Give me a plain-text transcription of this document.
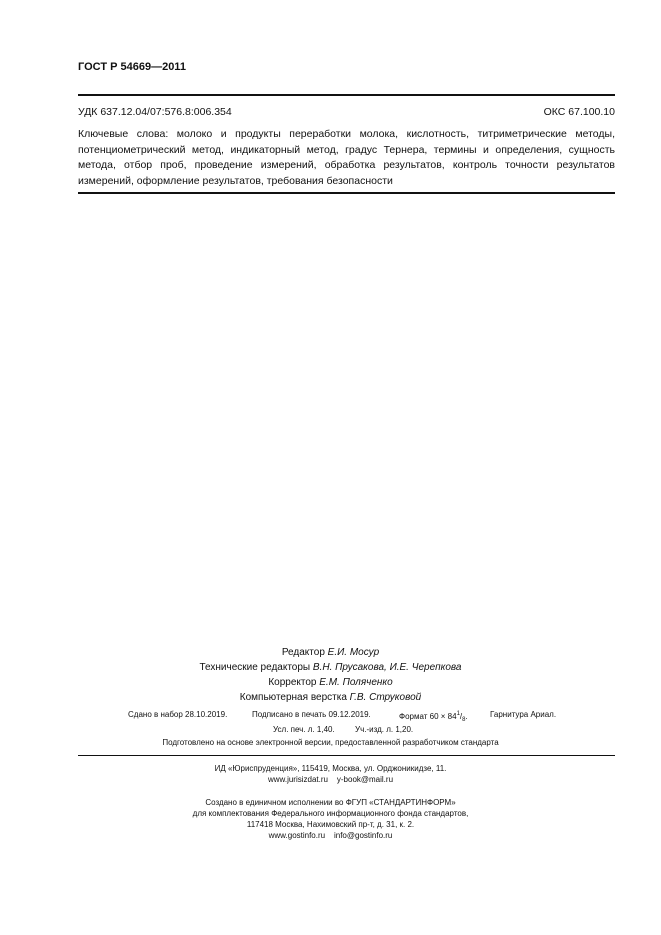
ГОСТ Р 54669—2011
УДК 637.12.04/07:576.8:006.354	ОКС 67.100.10
Ключевые слова: молоко и продукты переработки молока, кислотность, титриметрические методы, потенциометрический метод, индикаторный метод, градус Тернера, термины и определения, сущность метода, отбор проб, проведение измерений, обработка результатов, контроль точности результатов измерений, оформление результатов, требования безопасности
Редактор Е.И. Мосур
Технические редакторы В.Н. Прусакова, И.Е. Черепкова
Корректор Е.М. Поляченко
Компьютерная верстка Г.В. Струковой
Сдано в набор 28.10.2019.	Подписано в печать 09.12.2019.	Формат $60 \times 84^1/_8$.	Гарнитура Ариал.
Усл. печ. л. 1,40.	Уч.-изд. л. 1,20.
Подготовлено на основе электронной версии, предоставленной разработчиком стандарта
ИД «Юриспруденция», 115419, Москва, ул. Орджоникидзе, 11.
www.jurisizdat.ru y-book@mail.ru
Создано в единичном исполнении во ФГУП «СТАНДАРТИНФОРМ»
для комплектования Федерального информационного фонда стандартов,
117418 Москва, Нахимовский пр-т, д. 31, к. 2.
www.gostinfo.ru info@gostinfo.ru
